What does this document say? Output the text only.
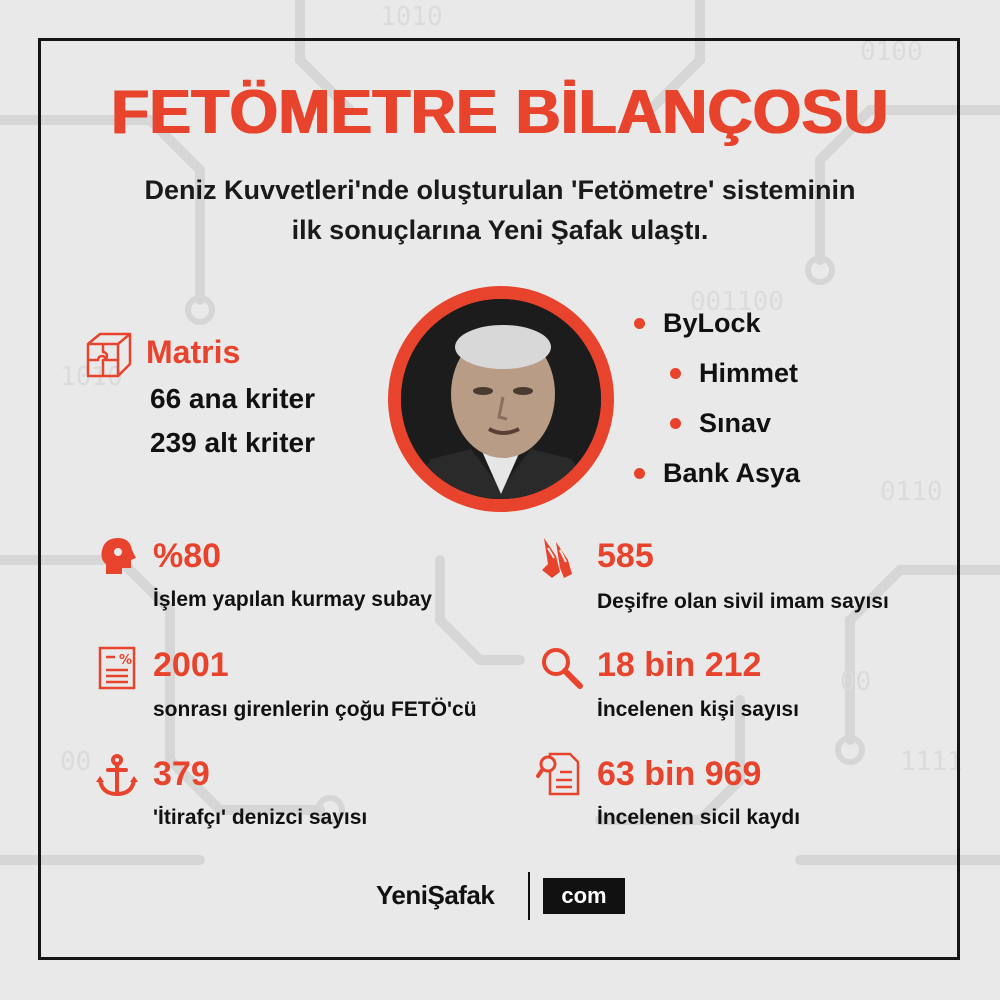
1010
0100
1010
001100
0110
00
00	1111
FETÖMETRE BİLANÇOSU
Deniz Kuvvetleri'nde oluşturulan 'Fetömetre' sisteminin
ilk sonuçlarına Yeni Şafak ulaştı.
Matris
66 ana kriter
239 alt kriter
ByLock
Himmet
Sınav
Bank Asya
%80
İşlem yapılan kurmay subay
% 2001
sonrası girenlerin çoğu FETÖ'cü
379
'İtirafçı' denizci sayısı
585
Deşifre olan sivil imam sayısı
18 bin 212
İncelenen kişi sayısı
63 bin 969
İncelenen sicil kaydı
YeniŞafak	com
